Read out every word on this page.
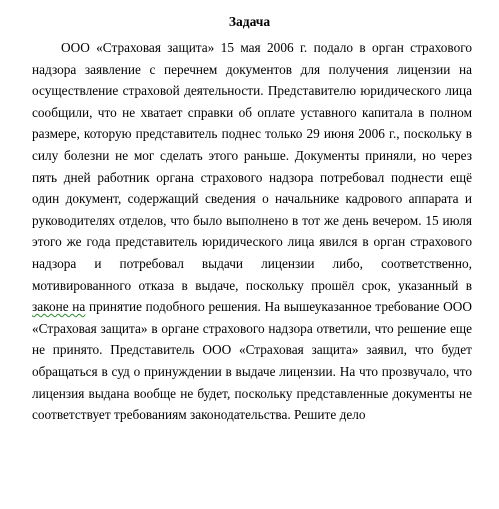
Задача

ООО «Страховая защита» 15 мая 2006 г. подало в орган страхового надзора заявление с перечнем документов для получения лицензии на осуществление страховой деятельности. Представителю юридического лица сообщили, что не хватает справки об оплате уставного капитала в полном размере, которую представитель поднес только 29 июня 2006 г., поскольку в силу болезни не мог сделать этого раньше. Документы приняли, но через пять дней работник органа страхового надзора потребовал поднести ещё один документ, содержащий сведения о начальнике кадрового аппарата и руководителях отделов, что было выполнено в тот же день вечером. 15 июля этого же года представитель юридического лица явился в орган страхового надзора и потребовал выдачи лицензии либо, соответственно, мотивированного отказа в выдаче, поскольку прошёл срок, указанный в законе на принятие подобного решения. На вышеуказанное требование ООО «Страховая защита» в органе страхового надзора ответили, что решение еще не принято. Представитель ООО «Страховая защита» заявил, что будет обращаться в суд о принуждении в выдаче лицензии. На что прозвучало, что лицензия выдана вообще не будет, поскольку представленные документы не соответствует требованиям законодательства. Решите дело
